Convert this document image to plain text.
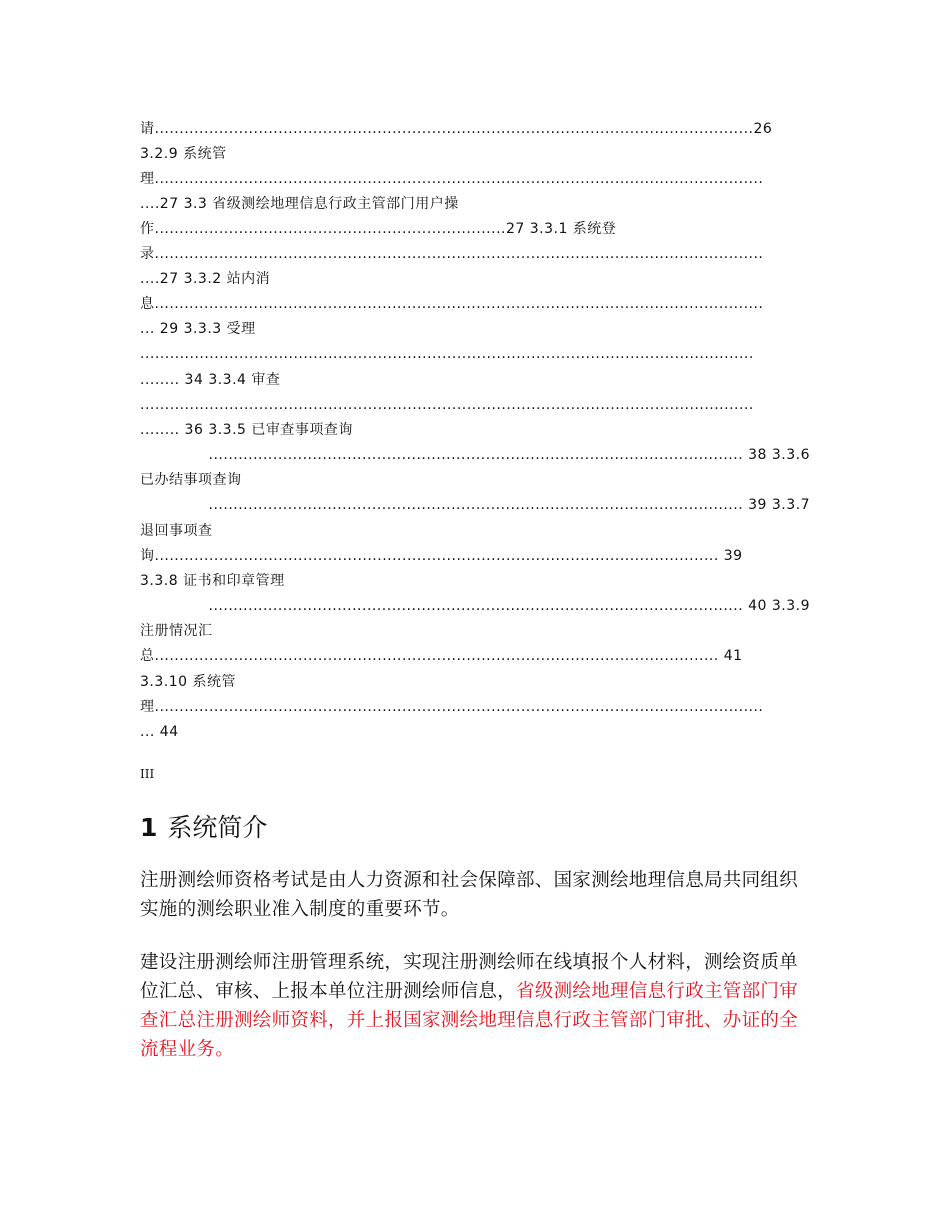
请.........................................................................................................................26
3.2.9 系统管
理...........................................................................................................................
....27 3.3 省级测绘地理信息行政主管部门用户操
作.......................................................................27 3.3.1 系统登
录...........................................................................................................................
....27 3.3.2 站内消
息...........................................................................................................................
... 29 3.3.3 受理
............................................................................................................................
........ 34 3.3.4 审查
............................................................................................................................
........ 36 3.3.5 已审查事项查询
............................................................................................................ 38 3.3.6
已办结事项查询
............................................................................................................ 39 3.3.7
退回事项查
询.................................................................................................................. 39
3.3.8 证书和印章管理
............................................................................................................ 40 3.3.9
注册情况汇
总.................................................................................................................. 41
3.3.10 系统管
理...........................................................................................................................
... 44
III
1 系统简介
注册测绘师资格考试是由人力资源和社会保障部、国家测绘地理信息局共同组织实施的测绘职业准入制度的重要环节。
建设注册测绘师注册管理系统，实现注册测绘师在线填报个人材料，测绘资质单位汇总、审核、上报本单位注册测绘师信息，省级测绘地理信息行政主管部门审查汇总注册测绘师资料，并上报国家测绘地理信息行政主管部门审批、办证的全流程业务。
